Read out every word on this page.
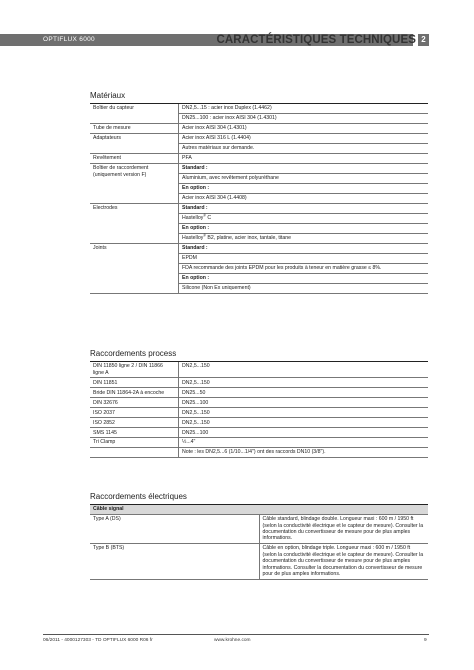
OPTIFLUX 6000	CARACTÉRISTIQUES TECHNIQUES 2
Matériaux
Boîtier du capteur	DN2,5...15 : acier inox Duplex (1.4462)
	DN25...100 : acier inox AISI 304 (1.4301)
Tube de mesure	Acier inox AISI 304 (1.4301)
Adaptateurs	Acier inox AISI 316 L (1.4404)
	Autres matériaux sur demande.
Revêtement	PFA
Boîtier de raccordement (uniquement version F)	Standard :
	Aluminium, avec revêtement polyuréthane
	En option :
	Acier inox AISI 304 (1.4408)
Electrodes	Standard :
	Hastelloy® C
	En option :
	Hastelloy® B2, platine, acier inox, tantale, titane
Joints	Standard :
	EPDM
	FDA recommande des joints EPDM pour les produits à teneur en matière grasse ≤ 8%.
	En option :
	Silicone (Non Ex uniquement)
Raccordements process
DIN 11850 ligne 2 / DIN 11866 ligne A	DN2,5...150
DIN 11851	DN2,5...150
Bride DIN 11864-2A à encoche	DN25...50
DIN 32676	DN25...100
ISO 2037	DN2,5...150
ISO 2852	DN2,5...150
SMS 1145	DN25...100
Tri Clamp	½...4"
	Note : les DN2,5...6 (1/10...1/4") ont des raccords DN10 (3/8").
Raccordements électriques
Câble signal	
Type A (DS)	Câble standard, blindage double. Longueur maxi : 600 m / 1950 ft (selon la conductivité électrique et le capteur de mesure). Consulter la documentation du convertisseur de mesure pour de plus amples informations.
Type B (BTS)	Câble en option, blindage triple. Longueur maxi : 600 m / 1950 ft (selon la conductivité électrique et le capteur de mesure). Consulter la documentation du convertisseur de mesure pour de plus amples informations. Consulter la documentation du convertisseur de mesure pour de plus amples informations.
06/2011 - 4000127303 - TD OPTIFLUX 6000 R06 fr	www.krohne.com	9
